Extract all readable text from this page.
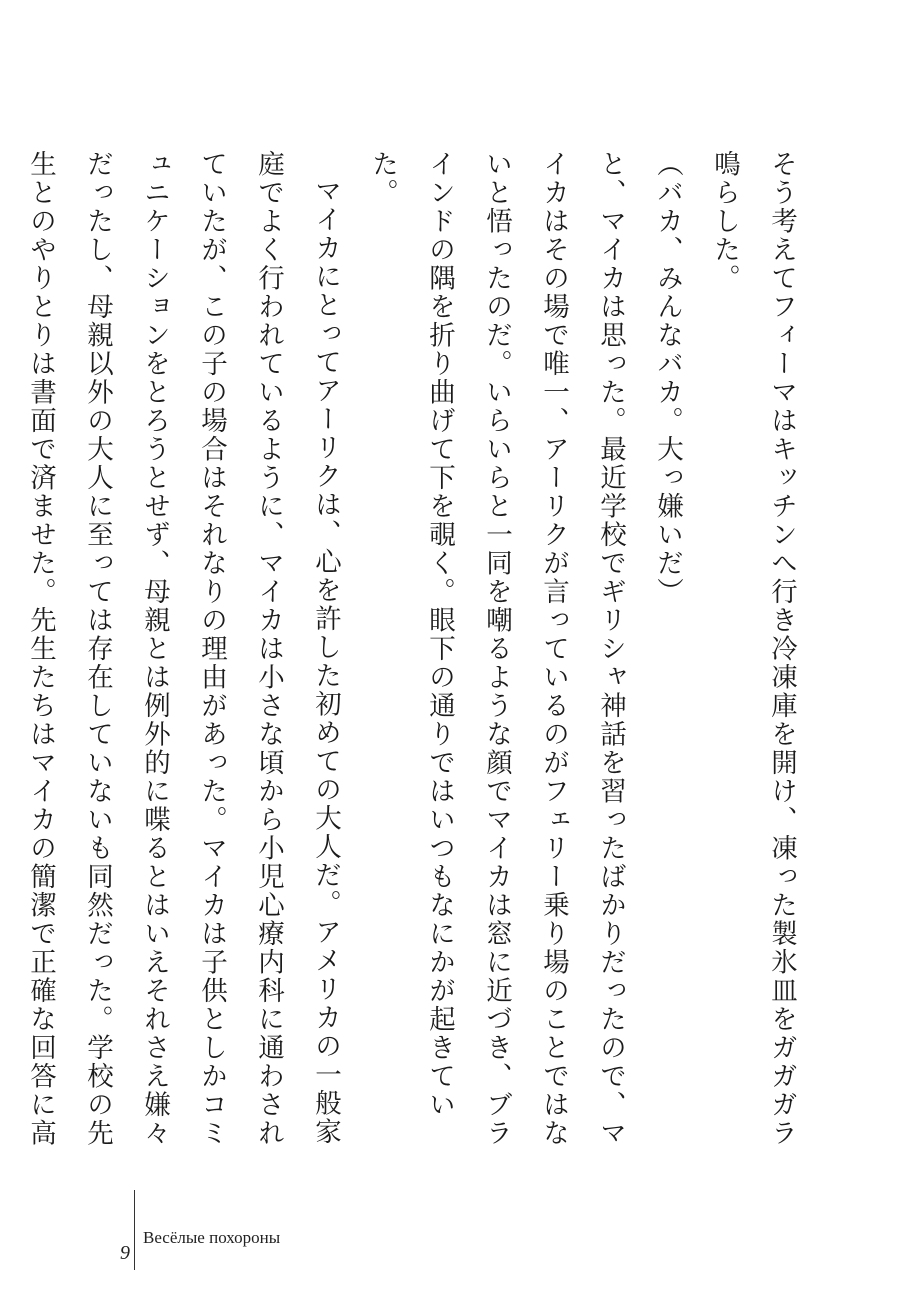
そう考えてフィーマはキッチンへ行き冷凍庫を開け、凍った製氷皿をガガガラ鳴らした。

（バカ、みんなバカ。大っ嫌いだ）

と、マイカは思った。最近学校でギリシャ神話を習ったばかりだったので、マイカはその場で唯一、アーリクが言っているのがフェリー乗り場のことではないと悟ったのだ。いらいらと一同を嘲るような顔でマイカは窓に近づき、ブラインドの隅を折り曲げて下を覗く。眼下の通りではいつもなにかが起きていた。

マイカにとってアーリクは、心を許した初めての大人だ。アメリカの一般家庭でよく行われているように、マイカは小さな頃から小児心療内科に通わされていたが、この子の場合はそれなりの理由があった。マイカは子供としかコミュニケーションをとろうとせず、母親とは例外的に喋るとはいえそれさえ嫌々だったし、母親以外の大人に至っては存在していないも同然だった。学校の先生とのやりとりは書面で済ませた。先生たちはマイカの簡潔で正確な回答に高

9
Весёлые похороны
